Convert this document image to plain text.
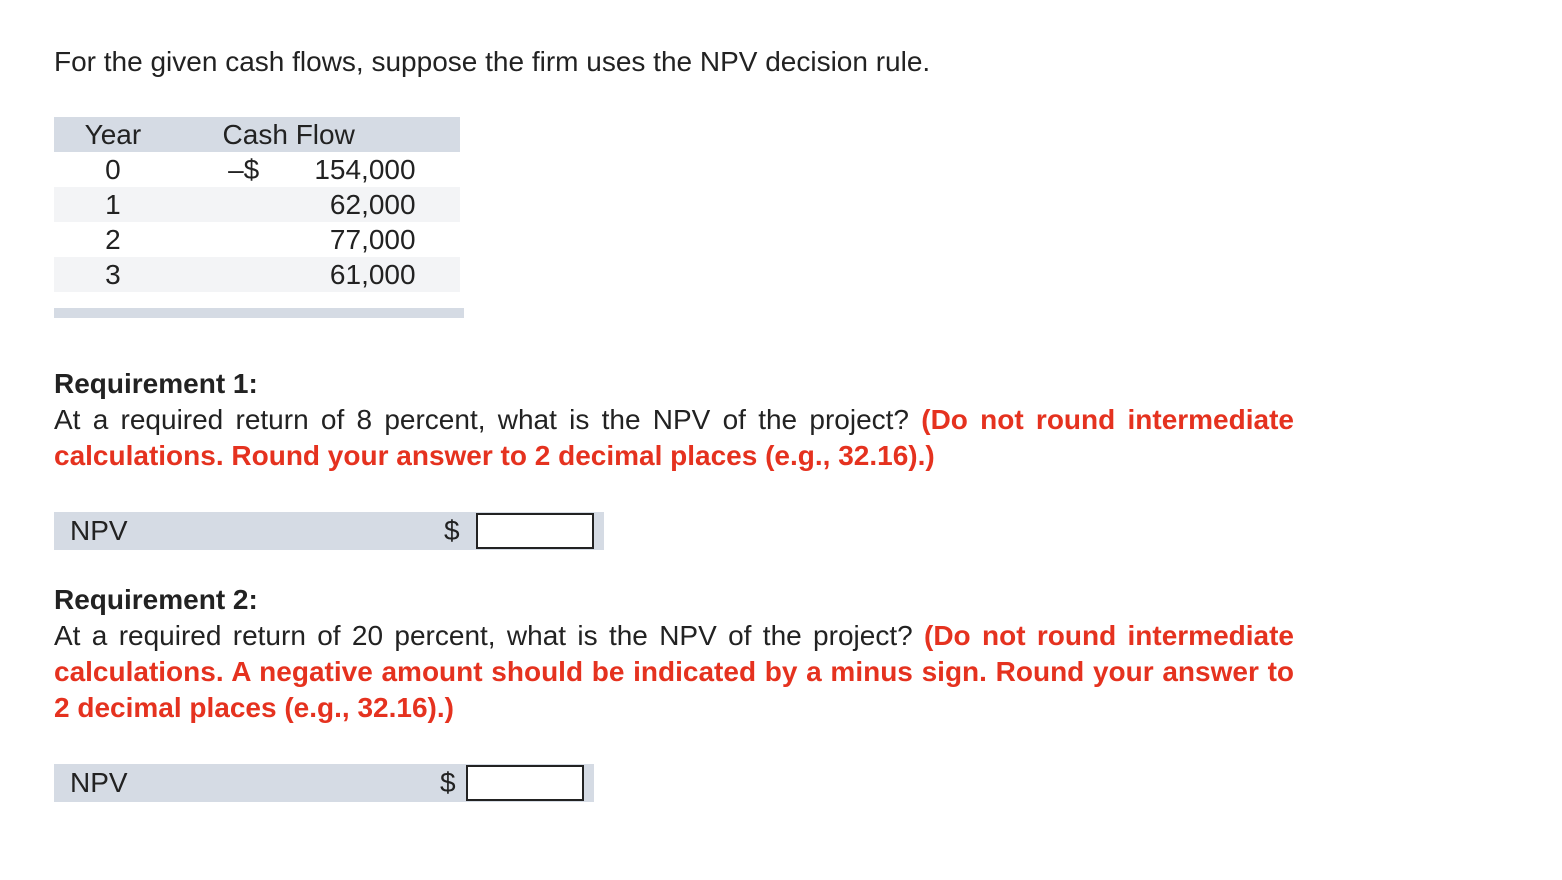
For the given cash flows, suppose the firm uses the NPV decision rule.
Year	Cash Flow		
0	–$	154,000	
1		62,000	
2		77,000	
3		61,000	
Requirement 1:
At a required return of 8 percent, what is the NPV of the project? (Do not round intermediate calculations. Round your answer to 2 decimal places (e.g., 32.16).)
NPV	$
Requirement 2:
At a required return of 20 percent, what is the NPV of the project? (Do not round intermediate calculations. A negative amount should be indicated by a minus sign. Round your answer to 2 decimal places (e.g., 32.16).)
NPV	$
